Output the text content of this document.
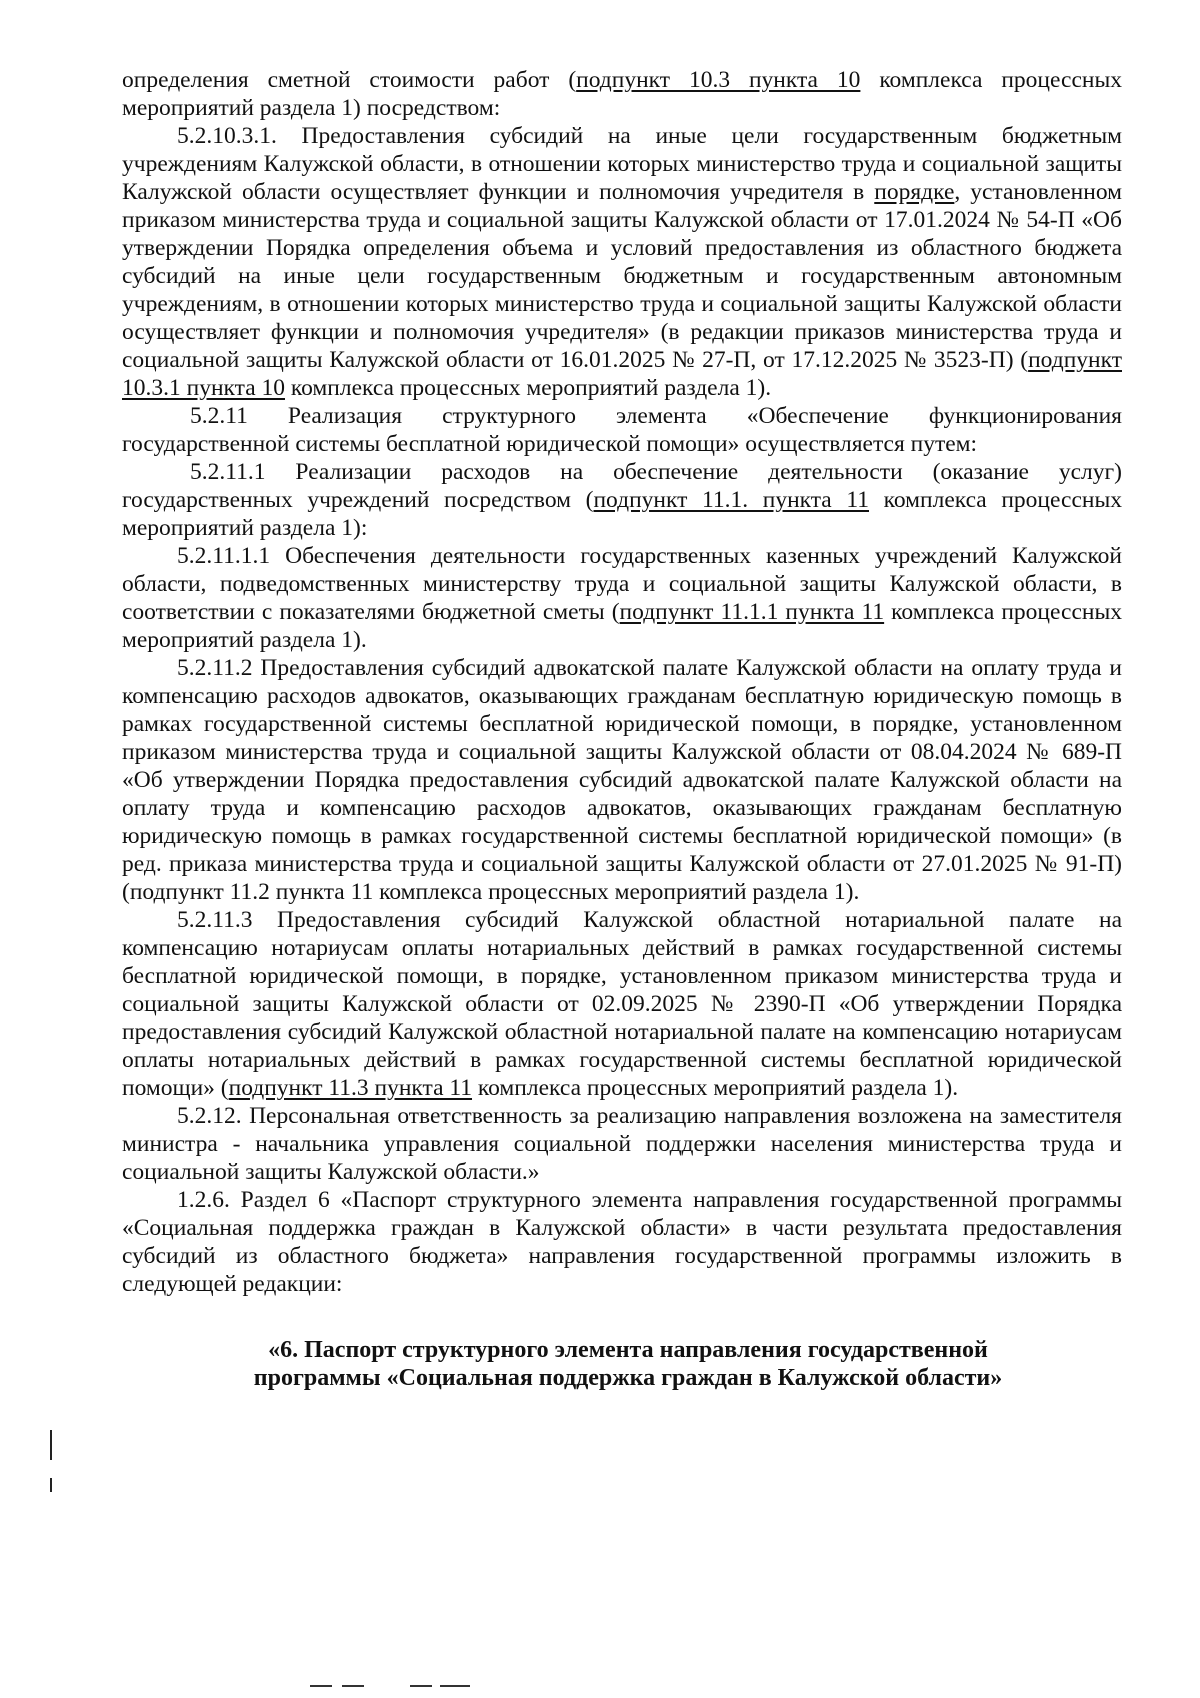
определения сметной стоимости работ (подпункт 10.3 пункта 10 комплекса процессных мероприятий раздела 1) посредством:

5.2.10.3.1. Предоставления субсидий на иные цели государственным бюджетным учреждениям Калужской области, в отношении которых министерство труда и социальной защиты Калужской области осуществляет функции и полномочия учредителя в порядке, установленном приказом министерства труда и социальной защиты Калужской области от 17.01.2024 № 54-П «Об утверждении Порядка определения объема и условий предоставления из областного бюджета субсидий на иные цели государственным бюджетным и государственным автономным учреждениям, в отношении которых министерство труда и социальной защиты Калужской области осуществляет функции и полномочия учредителя» (в редакции приказов министерства труда и социальной защиты Калужской области от 16.01.2025 № 27-П, от 17.12.2025 № 3523-П) (подпункт 10.3.1 пункта 10 комплекса процессных мероприятий раздела 1).

5.2.11 Реализация структурного элемента «Обеспечение функционирования государственной системы бесплатной юридической помощи» осуществляется путем:

5.2.11.1 Реализации расходов на обеспечение деятельности (оказание услуг) государственных учреждений посредством (подпункт 11.1. пункта 11 комплекса процессных мероприятий раздела 1):

5.2.11.1.1 Обеспечения деятельности государственных казенных учреждений Калужской области, подведомственных министерству труда и социальной защиты Калужской области, в соответствии с показателями бюджетной сметы (подпункт 11.1.1 пункта 11 комплекса процессных мероприятий раздела 1).

5.2.11.2 Предоставления субсидий адвокатской палате Калужской области на оплату труда и компенсацию расходов адвокатов, оказывающих гражданам бесплатную юридическую помощь в рамках государственной системы бесплатной юридической помощи, в порядке, установленном приказом министерства труда и социальной защиты Калужской области от 08.04.2024 № 689-П «Об утверждении Порядка предоставления субсидий адвокатской палате Калужской области на оплату труда и компенсацию расходов адвокатов, оказывающих гражданам бесплатную юридическую помощь в рамках государственной системы бесплатной юридической помощи» (в ред. приказа министерства труда и социальной защиты Калужской области от 27.01.2025 № 91-П) (подпункт 11.2 пункта 11 комплекса процессных мероприятий раздела 1).

5.2.11.3 Предоставления субсидий Калужской областной нотариальной палате на компенсацию нотариусам оплаты нотариальных действий в рамках государственной системы бесплатной юридической помощи, в порядке, установленном приказом министерства труда и социальной защиты Калужской области от 02.09.2025 № 2390-П «Об утверждении Порядка предоставления субсидий Калужской областной нотариальной палате на компенсацию нотариусам оплаты нотариальных действий в рамках государственной системы бесплатной юридической помощи» (подпункт 11.3 пункта 11 комплекса процессных мероприятий раздела 1).

5.2.12. Персональная ответственность за реализацию направления возложена на заместителя министра - начальника управления социальной поддержки населения министерства труда и социальной защиты Калужской области.»

1.2.6. Раздел 6 «Паспорт структурного элемента направления государственной программы «Социальная поддержка граждан в Калужской области» в части результата предоставления субсидий из областного бюджета» направления государственной программы изложить в следующей редакции:

«6. Паспорт структурного элемента направления государственной
программы «Социальная поддержка граждан в Калужской области»
